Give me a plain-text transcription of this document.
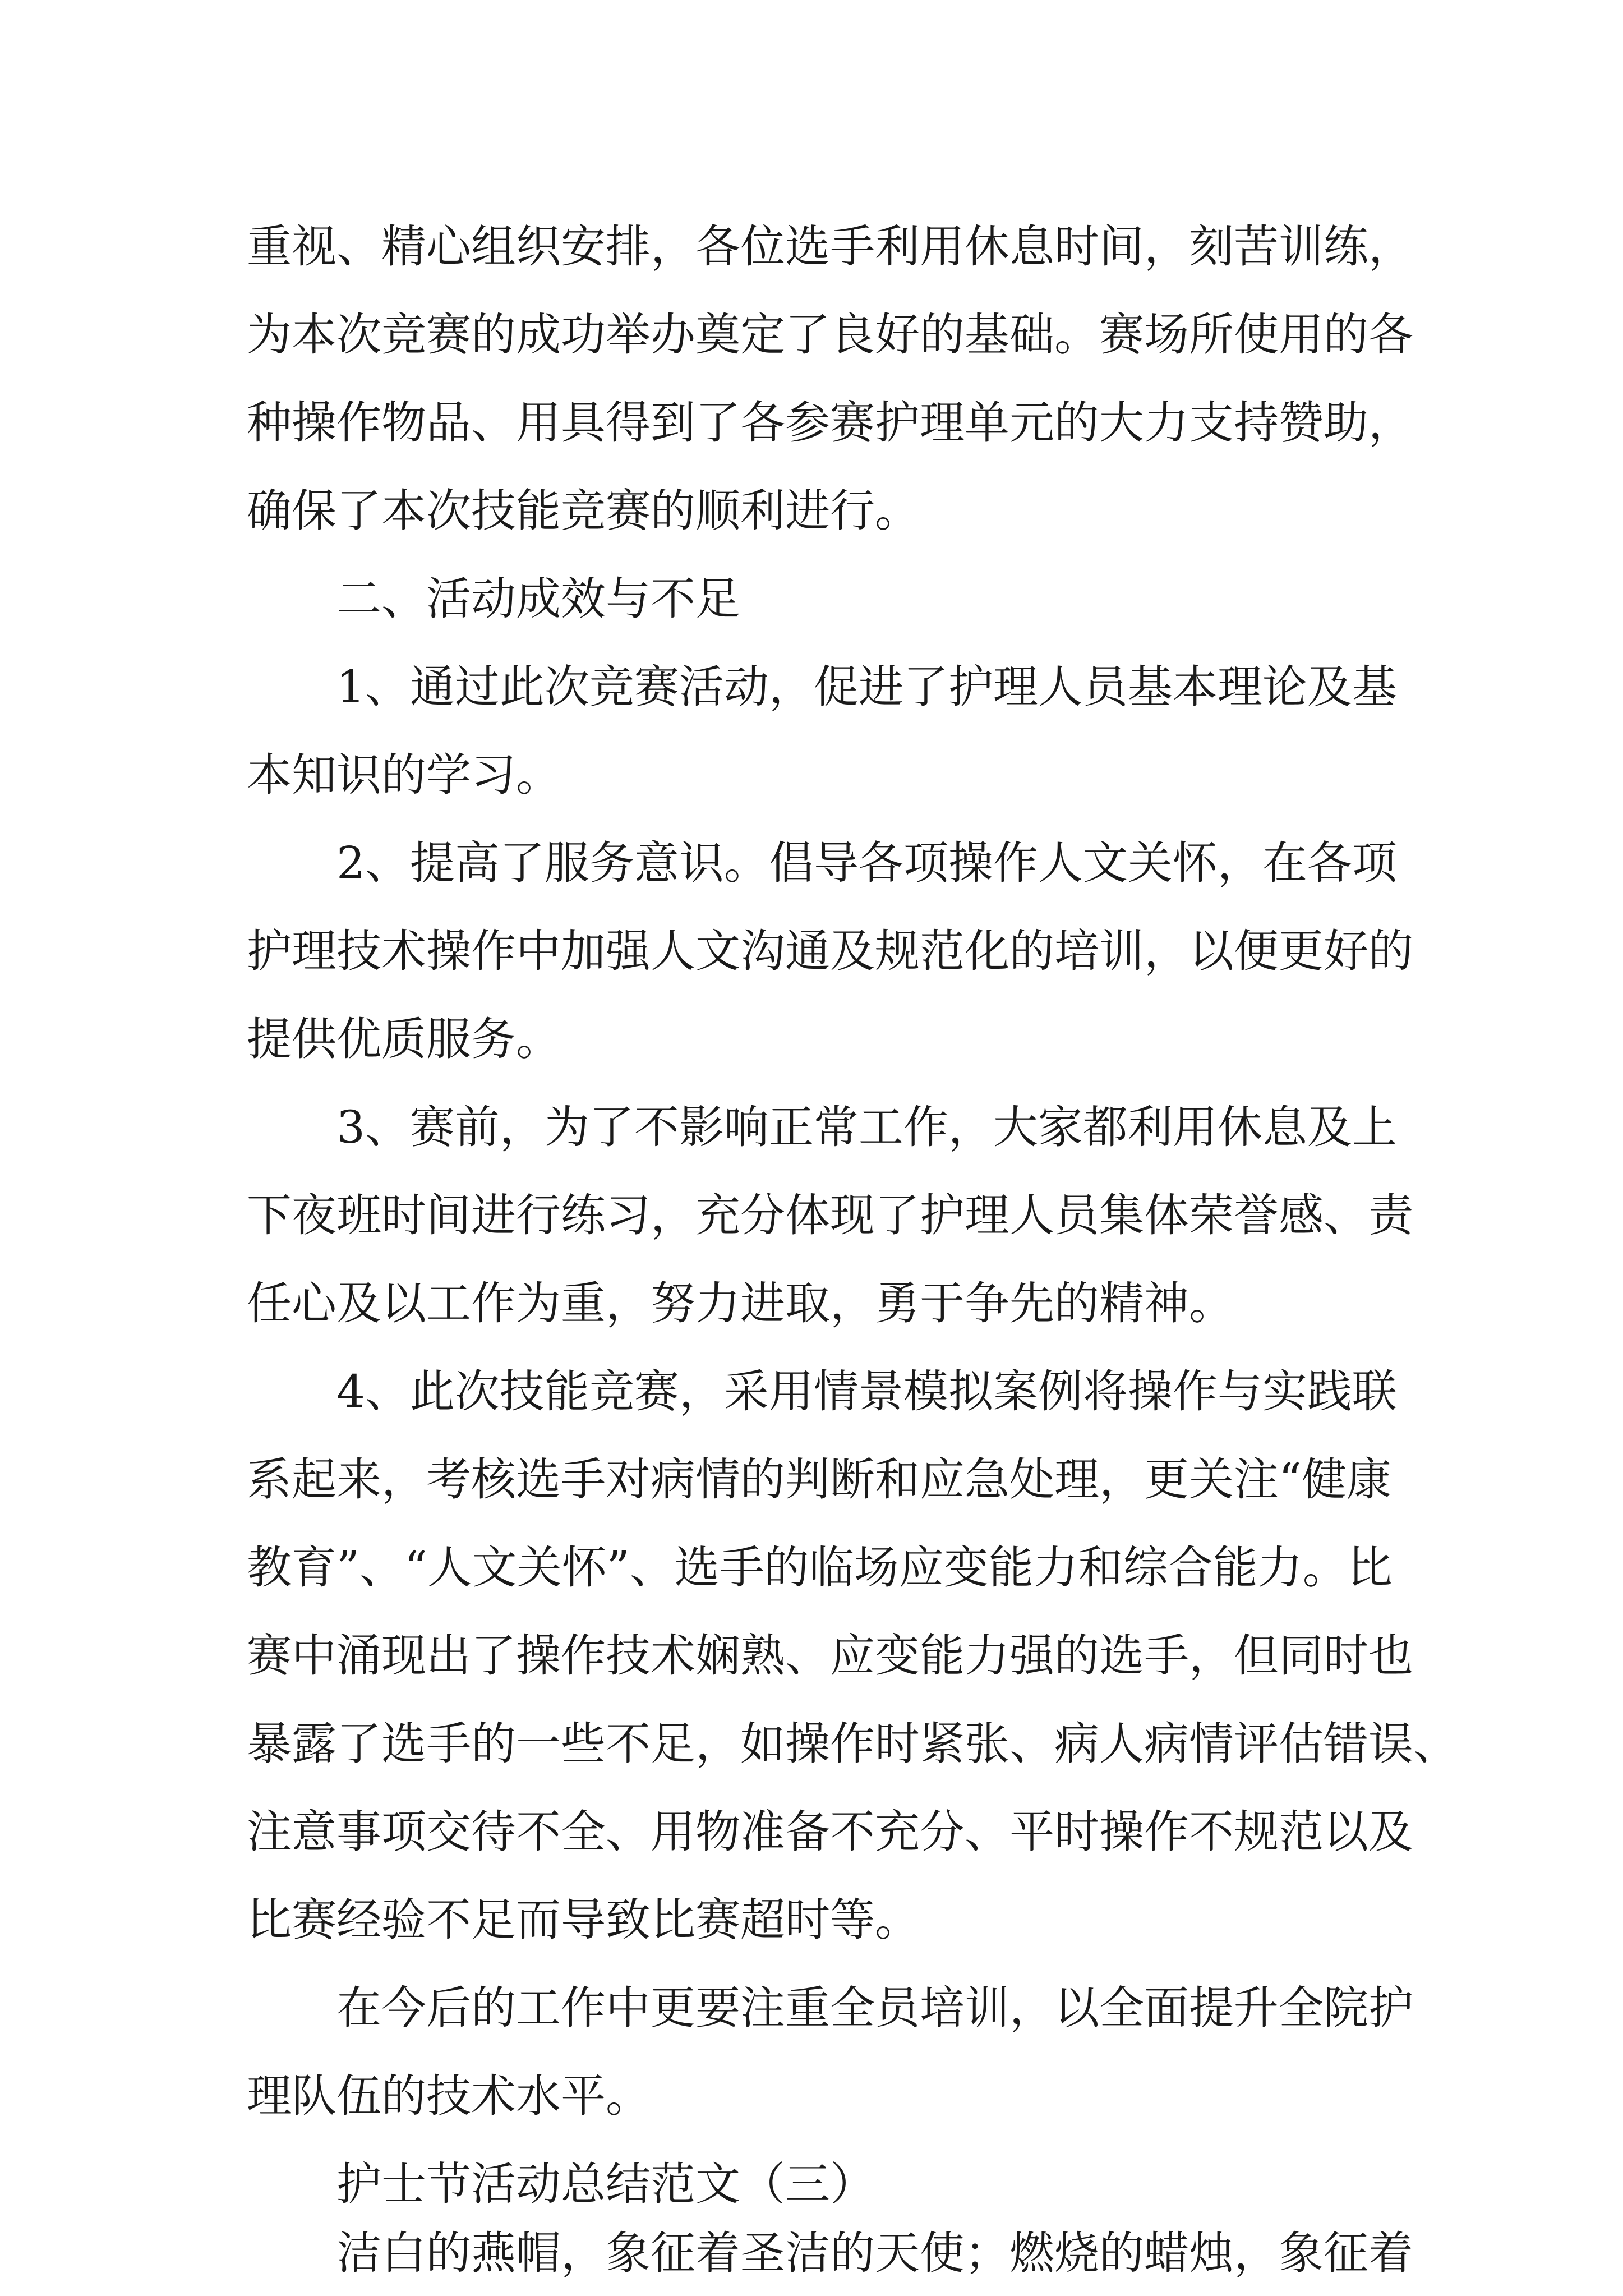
重视、精心组织安排，各位选手利用休息时间，刻苦训练，

为本次竞赛的成功举办奠定了良好的基础。赛场所使用的各

种操作物品、用具得到了各参赛护理单元的大力支持赞助，

确保了本次技能竞赛的顺利进行。

二、活动成效与不足

1、通过此次竞赛活动，促进了护理人员基本理论及基

本知识的学习。

2、提高了服务意识。倡导各项操作人文关怀，在各项

护理技术操作中加强人文沟通及规范化的培训，以便更好的

提供优质服务。

3、赛前，为了不影响正常工作，大家都利用休息及上

下夜班时间进行练习，充分体现了护理人员集体荣誉感、责

任心及以工作为重，努力进取，勇于争先的精神。

4、此次技能竞赛，采用情景模拟案例将操作与实践联

系起来，考核选手对病情的判断和应急处理，更关注“健康

教育”、“人文关怀”、选手的临场应变能力和综合能力。比

赛中涌现出了操作技术娴熟、应变能力强的选手，但同时也

暴露了选手的一些不足，如操作时紧张、病人病情评估错误、

注意事项交待不全、用物准备不充分、平时操作不规范以及

比赛经验不足而导致比赛超时等。

在今后的工作中更要注重全员培训，以全面提升全院护

理队伍的技术水平。

护士节活动总结范文（三）

洁白的燕帽，象征着圣洁的天使；燃烧的蜡烛，象征着
